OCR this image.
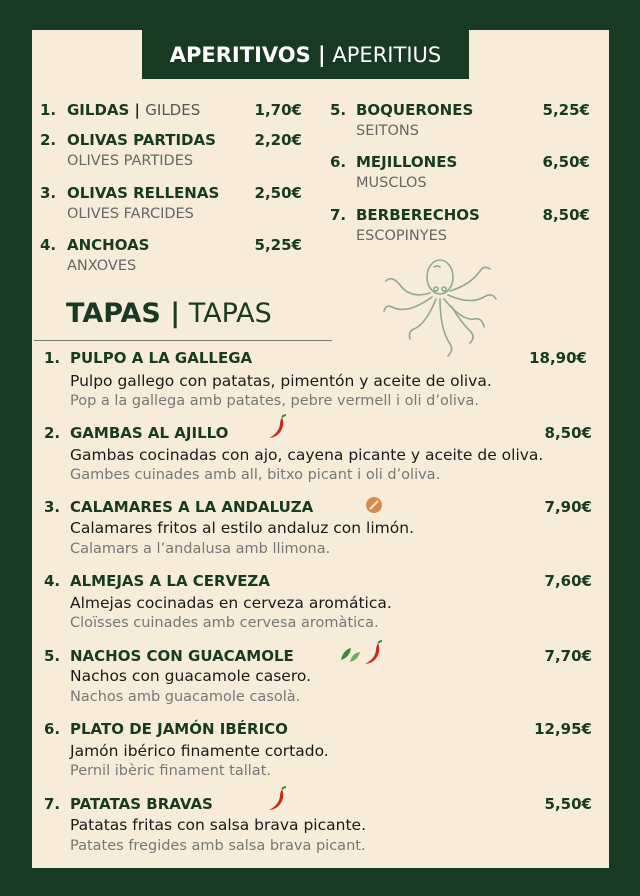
APERITIVOS |
APERITIUS
1. GILDAS | GILDES	1,70€
2. OLIVAS PARTIDAS	2,20€
OLIVES PARTIDES
3. OLIVAS RELLENAS	2,50€
OLIVES FARCIDES
4. ANCHOAS	5,25€
ANXOVES
5. BOQUERONES	5,25€
SEITONS
6. MEJILLONES	6,50€
MUSCLOS
7. BERBERECHOS	8,50€
ESCOPINYES
TAPAS | TAPAS
1. PULPO A LA GALLEGA	18,90€
Pulpo gallego con patatas, pimentón y aceite de oliva.
Pop a la gallega amb patates, pebre vermell i oli d’oliva.
2. GAMBAS AL AJILLO	8,50€
Gambas cocinadas con ajo, cayena picante y aceite de oliva.
Gambes cuinades amb all, bitxo picant i oli d’oliva.
3. CALAMARES A LA ANDALUZA	7,90€
Calamares fritos al estilo andaluz con limón.
Calamars a l’andalusa amb llimona.
4. ALMEJAS A LA CERVEZA	7,60€
Almejas cocinadas en cerveza aromática.
Cloïsses cuinades amb cervesa aromàtica.
5. NACHOS CON GUACAMOLE	7,70€
Nachos con guacamole casero.
Nachos amb guacamole casolà.
6. PLATO DE JAMÓN IBÉRICO	12,95€
Jamón ibérico finamente cortado.
Pernil ibèric finament tallat.
7. PATATAS BRAVAS	5,50€
Patatas fritas con salsa brava picante.
Patates fregides amb salsa brava picant.
